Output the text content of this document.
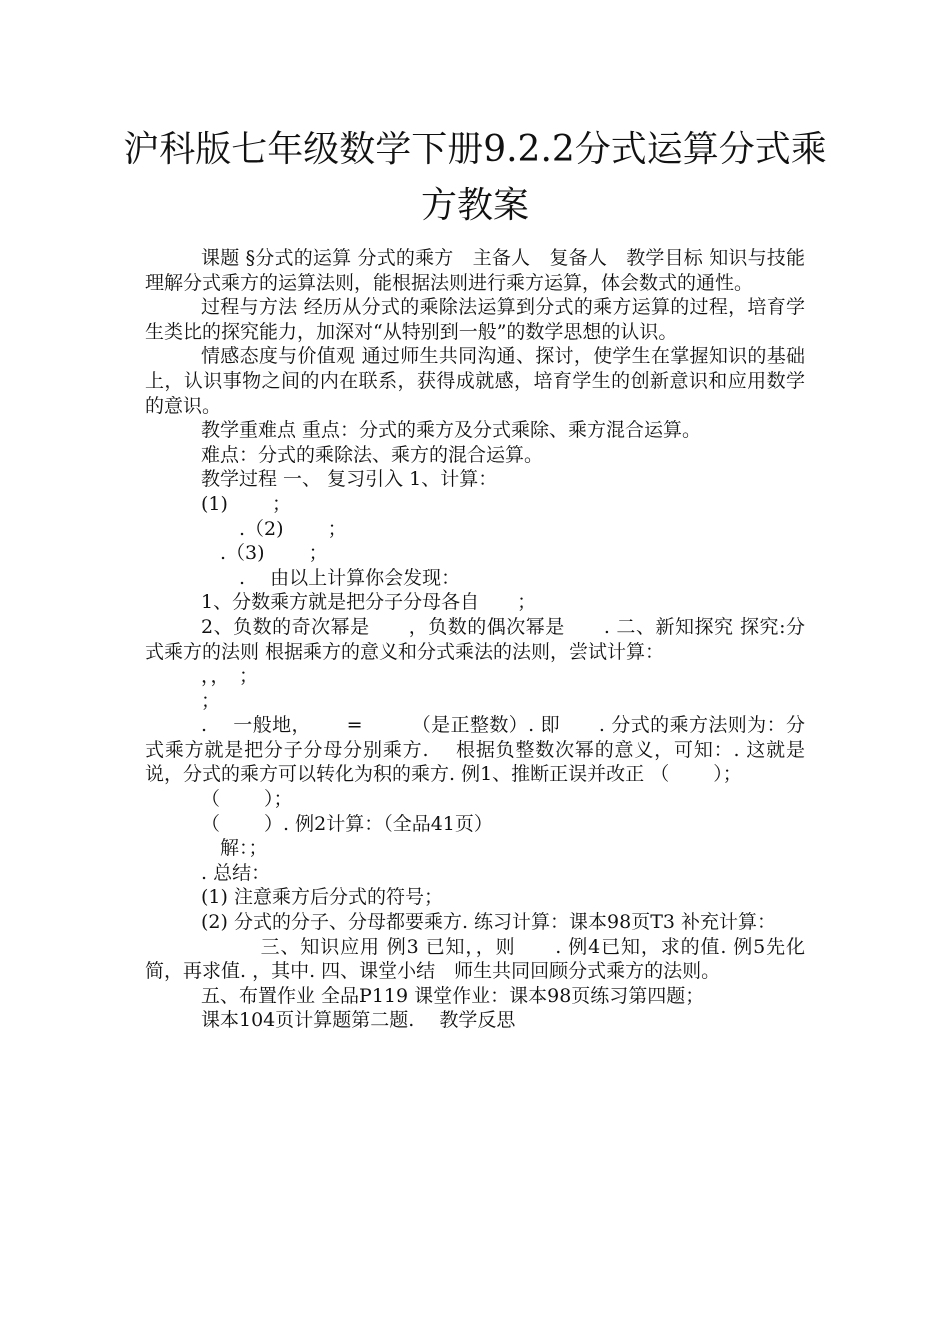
沪科版七年级数学下册9.2.2分式运算分式乘方教案

课题 §分式的运算 分式的乘方　主备人　复备人　教学目标 知识与技能 理解分式乘方的运算法则，能根据法则进行乘方运算，体会数式的通性。

过程与方法 经历从分式的乘除法运算到分式的乘方运算的过程，培育学生类比的探究能力，加深对“从特别到一般”的数学思想的认识。

情感态度与价值观 通过师生共同沟通、探讨，使学生在掌握知识的基础上，认识事物之间的内在联系，获得成就感，培育学生的创新意识和应用数学的意识。

教学重难点 重点：分式的乘方及分式乘除、乘方混合运算。

难点：分式的乘除法、乘方的混合运算。

教学过程 一、 复习引入 1、计算：

(1)　　 ；

　　.（2)　　 ；

　.（3)　　 ；

　　.　 由以上计算你会发现：

1、分数乘方就是把分子分母各自　　；

2、负数的奇次幂是　　，负数的偶次幂是　　. 二、新知探究 探究:分式乘方的法则 根据乘方的意义和分式乘法的法则，尝试计算：

，，　；

；

.　 一般地，　　 =　　　（是正整数）. 即　　. 分式的乘方法则为：分式乘方就是把分子分母分别乘方.　 根据负整数次幂的意义，可知：. 这就是说，分式的乘方可以转化为积的乘方. 例1、推断正误并改正 （　　 ）；

（　　 ）；

（　　 ）. 例2计算：（全品41页）

　解：；

. 总结：

(1) 注意乘方后分式的符号；

(2) 分式的分子、分母都要乘方. 练习计算：课本98页T3 补充计算：

　　　三、知识应用 例3 已知，，则　　. 例4已知，求的值. 例5先化简，再求值. ，其中. 四、课堂小结　师生共同回顾分式乘方的法则。

五、布置作业 全品P119 课堂作业：课本98页练习第四题；

课本104页计算题第二题.　 教学反思
